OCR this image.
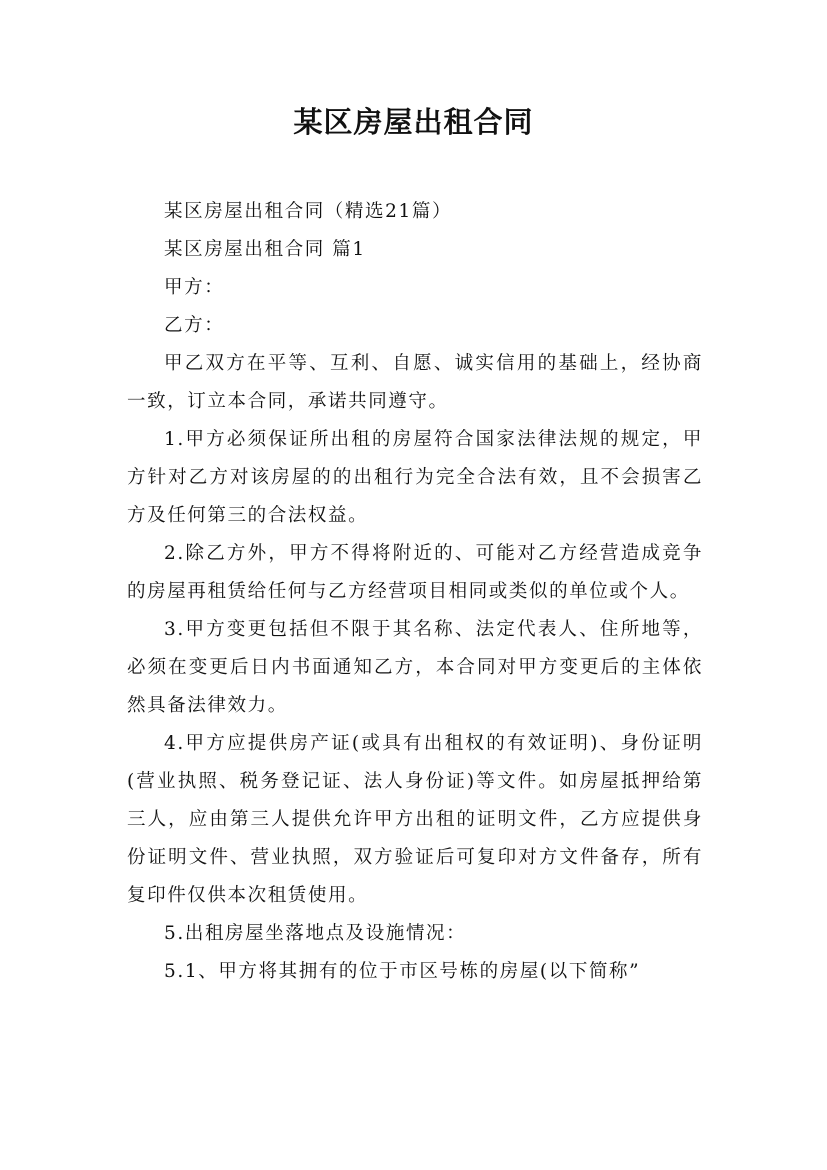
某区房屋出租合同

某区房屋出租合同（精选21篇）

某区房屋出租合同 篇1

甲方：

乙方：

甲乙双方在平等、互利、自愿、诚实信用的基础上，经协商一致，订立本合同，承诺共同遵守。

1.甲方必须保证所出租的房屋符合国家法律法规的规定，甲方针对乙方对该房屋的的出租行为完全合法有效，且不会损害乙方及任何第三的合法权益。

2.除乙方外，甲方不得将附近的、可能对乙方经营造成竞争的房屋再租赁给任何与乙方经营项目相同或类似的单位或个人。

3.甲方变更包括但不限于其名称、法定代表人、住所地等，必须在变更后日内书面通知乙方，本合同对甲方变更后的主体依然具备法律效力。

4.甲方应提供房产证(或具有出租权的有效证明)、身份证明(营业执照、税务登记证、法人身份证)等文件。如房屋抵押给第三人，应由第三人提供允许甲方出租的证明文件，乙方应提供身份证明文件、营业执照，双方验证后可复印对方文件备存，所有复印件仅供本次租赁使用。

5.出租房屋坐落地点及设施情况：

5.1、甲方将其拥有的位于市区号栋的房屋(以下简称”
